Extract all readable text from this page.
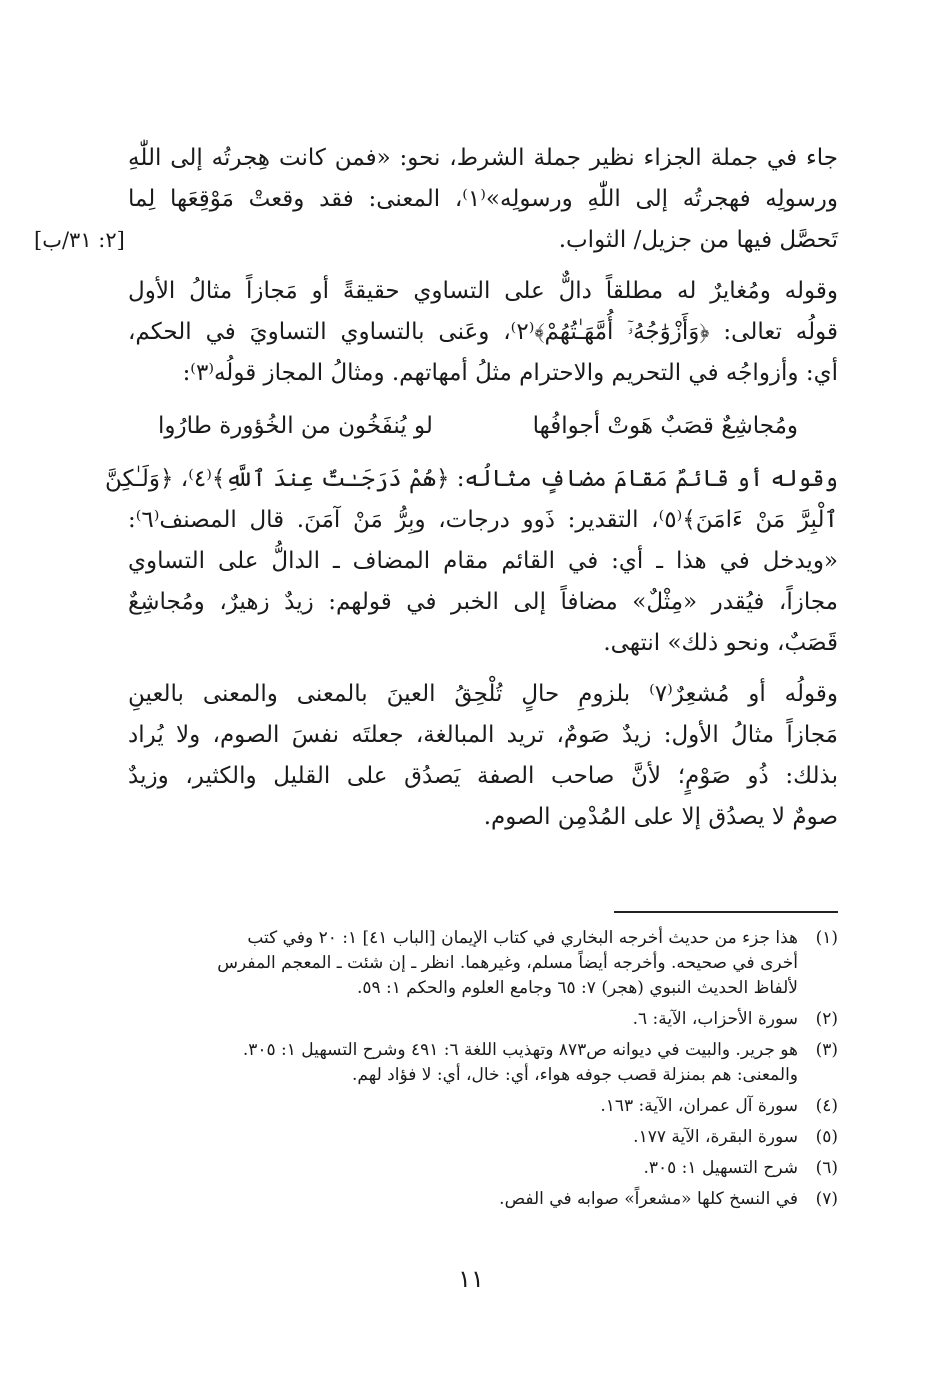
[٢: ٣١/ب]
جاء في جملة الجزاء نظير جملة الشرط، نحو: «فمن كانت هِجرتُه إلى اللّٰهِ
ورسولِه فهجرتُه إلى اللّٰهِ ورسولِه»⁽١⁾، المعنى: فقد وقعتْ مَوْقِعَها لِما
تَحصَّل فيها من جزيل/ الثواب.
وقوله ومُغايرٌ له مطلقاً دالٌّ على التساوي حقيقةً أو مَجازاً مثالُ الأول
قولُه تعالى: ﴿وَأَزْوَٰجُهُۥٓ أُمَّهَـٰتُهُمْ﴾⁽٢⁾، وعَنى بالتساوي التساويَ في الحكم،
أي: وأزواجُه في التحريم والاحترام مثلُ أمهاتهم. ومثالُ المجاز قولُه⁽٣⁾:
ومُجاشِعٌ قصَبٌ هَوتْ أجوافُها
لو يُنفَخُون من الخُؤورة طارُوا
وقوله أو قائمٌ مَقامَ مضافٍ مثالُه: ﴿هُمْ دَرَجَـٰتٌ عِندَ ٱللَّهِ﴾⁽٤⁾، ﴿وَلَـٰكِنَّ
ٱلْبِرَّ مَنْ ءَامَنَ﴾⁽٥⁾، التقدير: ذَوو درجات، وبِرُّ مَنْ آمَنَ. قال المصنف⁽٦⁾:
«ويدخل في هذا ـ أي: في القائم مقام المضاف ـ الدالُّ على التساوي
مجازاً، فيُقدر «مِثْلٌ» مضافاً إلى الخبر في قولهم: زيدٌ زهيرٌ، ومُجاشِعٌ
قَصَبٌ، ونحو ذلك» انتهى.
وقولُه أو مُشعِرٌ⁽٧⁾ بلزومِ حالٍ تُلْحِقُ العينَ بالمعنى والمعنى بالعينِ
مَجازاً مثالُ الأول: زيدٌ صَومٌ، تريد المبالغة، جعلتَه نفسَ الصوم، ولا يُراد
بذلك: ذُو صَوْمٍ؛ لأنَّ صاحب الصفة يَصدُق على القليل والكثير، وزيدٌ
صومٌ لا يصدُق إلا على المُدْمِن الصوم.
(١)
هذا جزء من حديث أخرجه البخاري في كتاب الإيمان [الباب ٤١] ١: ٢٠ وفي كتب
أخرى في صحيحه. وأخرجه أيضاً مسلم، وغيرهما. انظر ـ إن شئت ـ المعجم المفرس
لألفاظ الحديث النبوي (هجر) ٧: ٦٥ وجامع العلوم والحكم ١: ٥٩.
(٢)
سورة الأحزاب، الآية: ٦.
(٣)
هو جرير. والبيت في ديوانه ص٨٧٣ وتهذيب اللغة ٦: ٤٩١ وشرح التسهيل ١: ٣٠٥.
والمعنى: هم بمنزلة قصب جوفه هواء، أي: خال، أي: لا فؤاد لهم.
(٤)
سورة آل عمران، الآية: ١٦٣.
(٥)
سورة البقرة، الآية ١٧٧.
(٦)
شرح التسهيل ١: ٣٠٥.
(٧)
في النسخ كلها «مشعراً» صوابه في الفص.
١١
